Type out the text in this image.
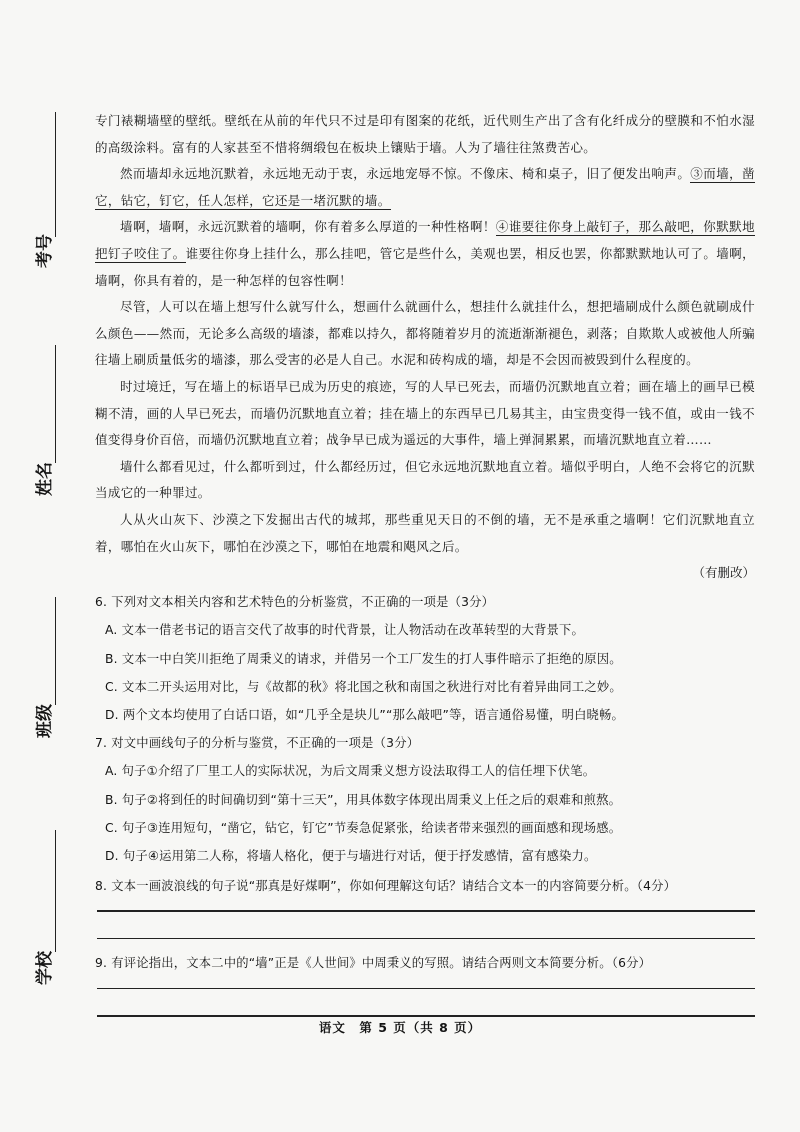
考号
姓名
班级
学校

专门裱糊墙壁的壁纸。壁纸在从前的年代只不过是印有图案的花纸，近代则生产出了含有化纤成分的壁膜和不怕水湿的高级涂料。富有的人家甚至不惜将绸缎包在板块上镶贴于墙。人为了墙往往煞费苦心。

然而墙却永远地沉默着，永远地无动于衷，永远地宠辱不惊。不像床、椅和桌子，旧了便发出响声。③而墙，凿它，钻它，钉它，任人怎样，它还是一堵沉默的墙。

墙啊，墙啊，永远沉默着的墙啊，你有着多么厚道的一种性格啊！④谁要往你身上敲钉子，那么敲吧，你默默地把钉子咬住了。谁要往你身上挂什么，那么挂吧，管它是些什么，美观也罢，相反也罢，你都默默地认可了。墙啊，墙啊，你具有着的，是一种怎样的包容性啊！

尽管，人可以在墙上想写什么就写什么，想画什么就画什么，想挂什么就挂什么，想把墙刷成什么颜色就刷成什么颜色——然而，无论多么高级的墙漆，都难以持久，都将随着岁月的流逝渐渐褪色，剥落；自欺欺人或被他人所骗往墙上刷质量低劣的墙漆，那么受害的必是人自己。水泥和砖构成的墙，却是不会因而被毁到什么程度的。

时过境迁，写在墙上的标语早已成为历史的痕迹，写的人早已死去，而墙仍沉默地直立着；画在墙上的画早已模糊不清，画的人早已死去，而墙仍沉默地直立着；挂在墙上的东西早已几易其主，由宝贵变得一钱不值，或由一钱不值变得身价百倍，而墙仍沉默地直立着；战争早已成为遥远的大事件，墙上弹洞累累，而墙沉默地直立着……

墙什么都看见过，什么都听到过，什么都经历过，但它永远地沉默地直立着。墙似乎明白，人绝不会将它的沉默当成它的一种罪过。

人从火山灰下、沙漠之下发掘出古代的城邦，那些重见天日的不倒的墙，无不是承重之墙啊！它们沉默地直立着，哪怕在火山灰下，哪怕在沙漠之下，哪怕在地震和飓风之后。

（有删改）

6. 下列对文本相关内容和艺术特色的分析鉴赏，不正确的一项是（3分）

A. 文本一借老书记的语言交代了故事的时代背景，让人物活动在改革转型的大背景下。

B. 文本一中白笑川拒绝了周秉义的请求，并借另一个工厂发生的打人事件暗示了拒绝的原因。

C. 文本二开头运用对比，与《故都的秋》将北国之秋和南国之秋进行对比有着异曲同工之妙。

D. 两个文本均使用了白话口语，如“几乎全是块儿”“那么敲吧”等，语言通俗易懂，明白晓畅。

7. 对文中画线句子的分析与鉴赏，不正确的一项是（3分）

A. 句子①介绍了厂里工人的实际状况，为后文周秉义想方设法取得工人的信任埋下伏笔。

B. 句子②将到任的时间确切到“第十三天”，用具体数字体现出周秉义上任之后的艰难和煎熬。

C. 句子③连用短句，“凿它，钻它，钉它”节奏急促紧张，给读者带来强烈的画面感和现场感。

D. 句子④运用第二人称，将墙人格化，便于与墙进行对话，便于抒发感情，富有感染力。

8. 文本一画波浪线的句子说“那真是好煤啊”，你如何理解这句话？请结合文本一的内容简要分析。（4分）

9. 有评论指出，文本二中的“墙”正是《人世间》中周秉义的写照。请结合两则文本简要分析。（6分）

语文　第 5 页（共 8 页）
